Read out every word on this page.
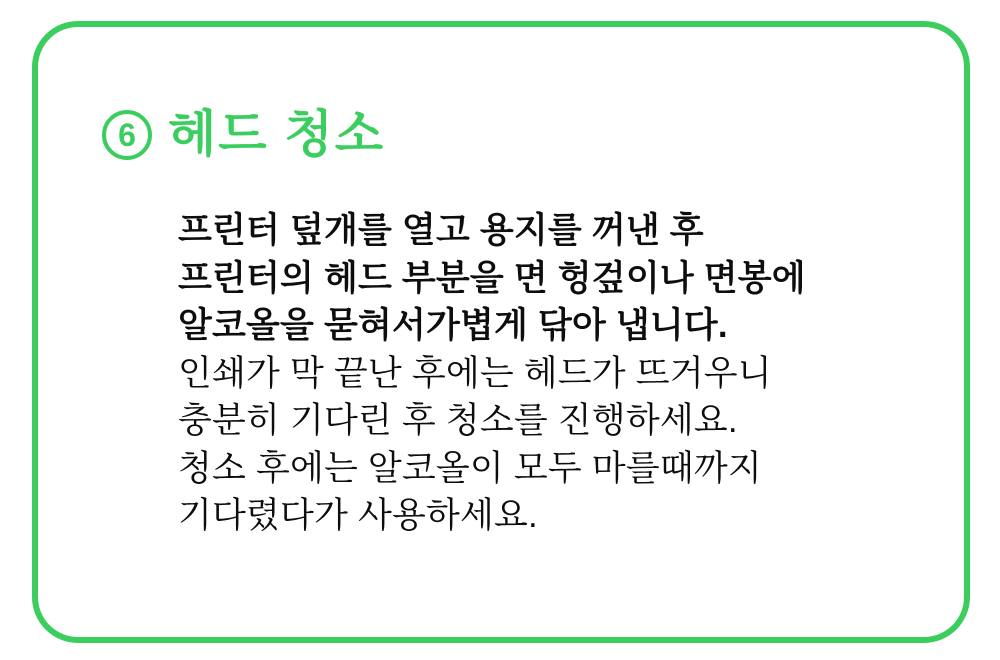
6 헤드 청소
프린터 덮개를 열고 용지를 꺼낸 후
프린터의 헤드 부분을 면 헝겊이나 면봉에
알코올을 묻혀서가볍게 닦아 냅니다.
인쇄가 막 끝난 후에는 헤드가 뜨거우니
충분히 기다린 후 청소를 진행하세요.
청소 후에는 알코올이 모두 마를때까지
기다렸다가 사용하세요.
